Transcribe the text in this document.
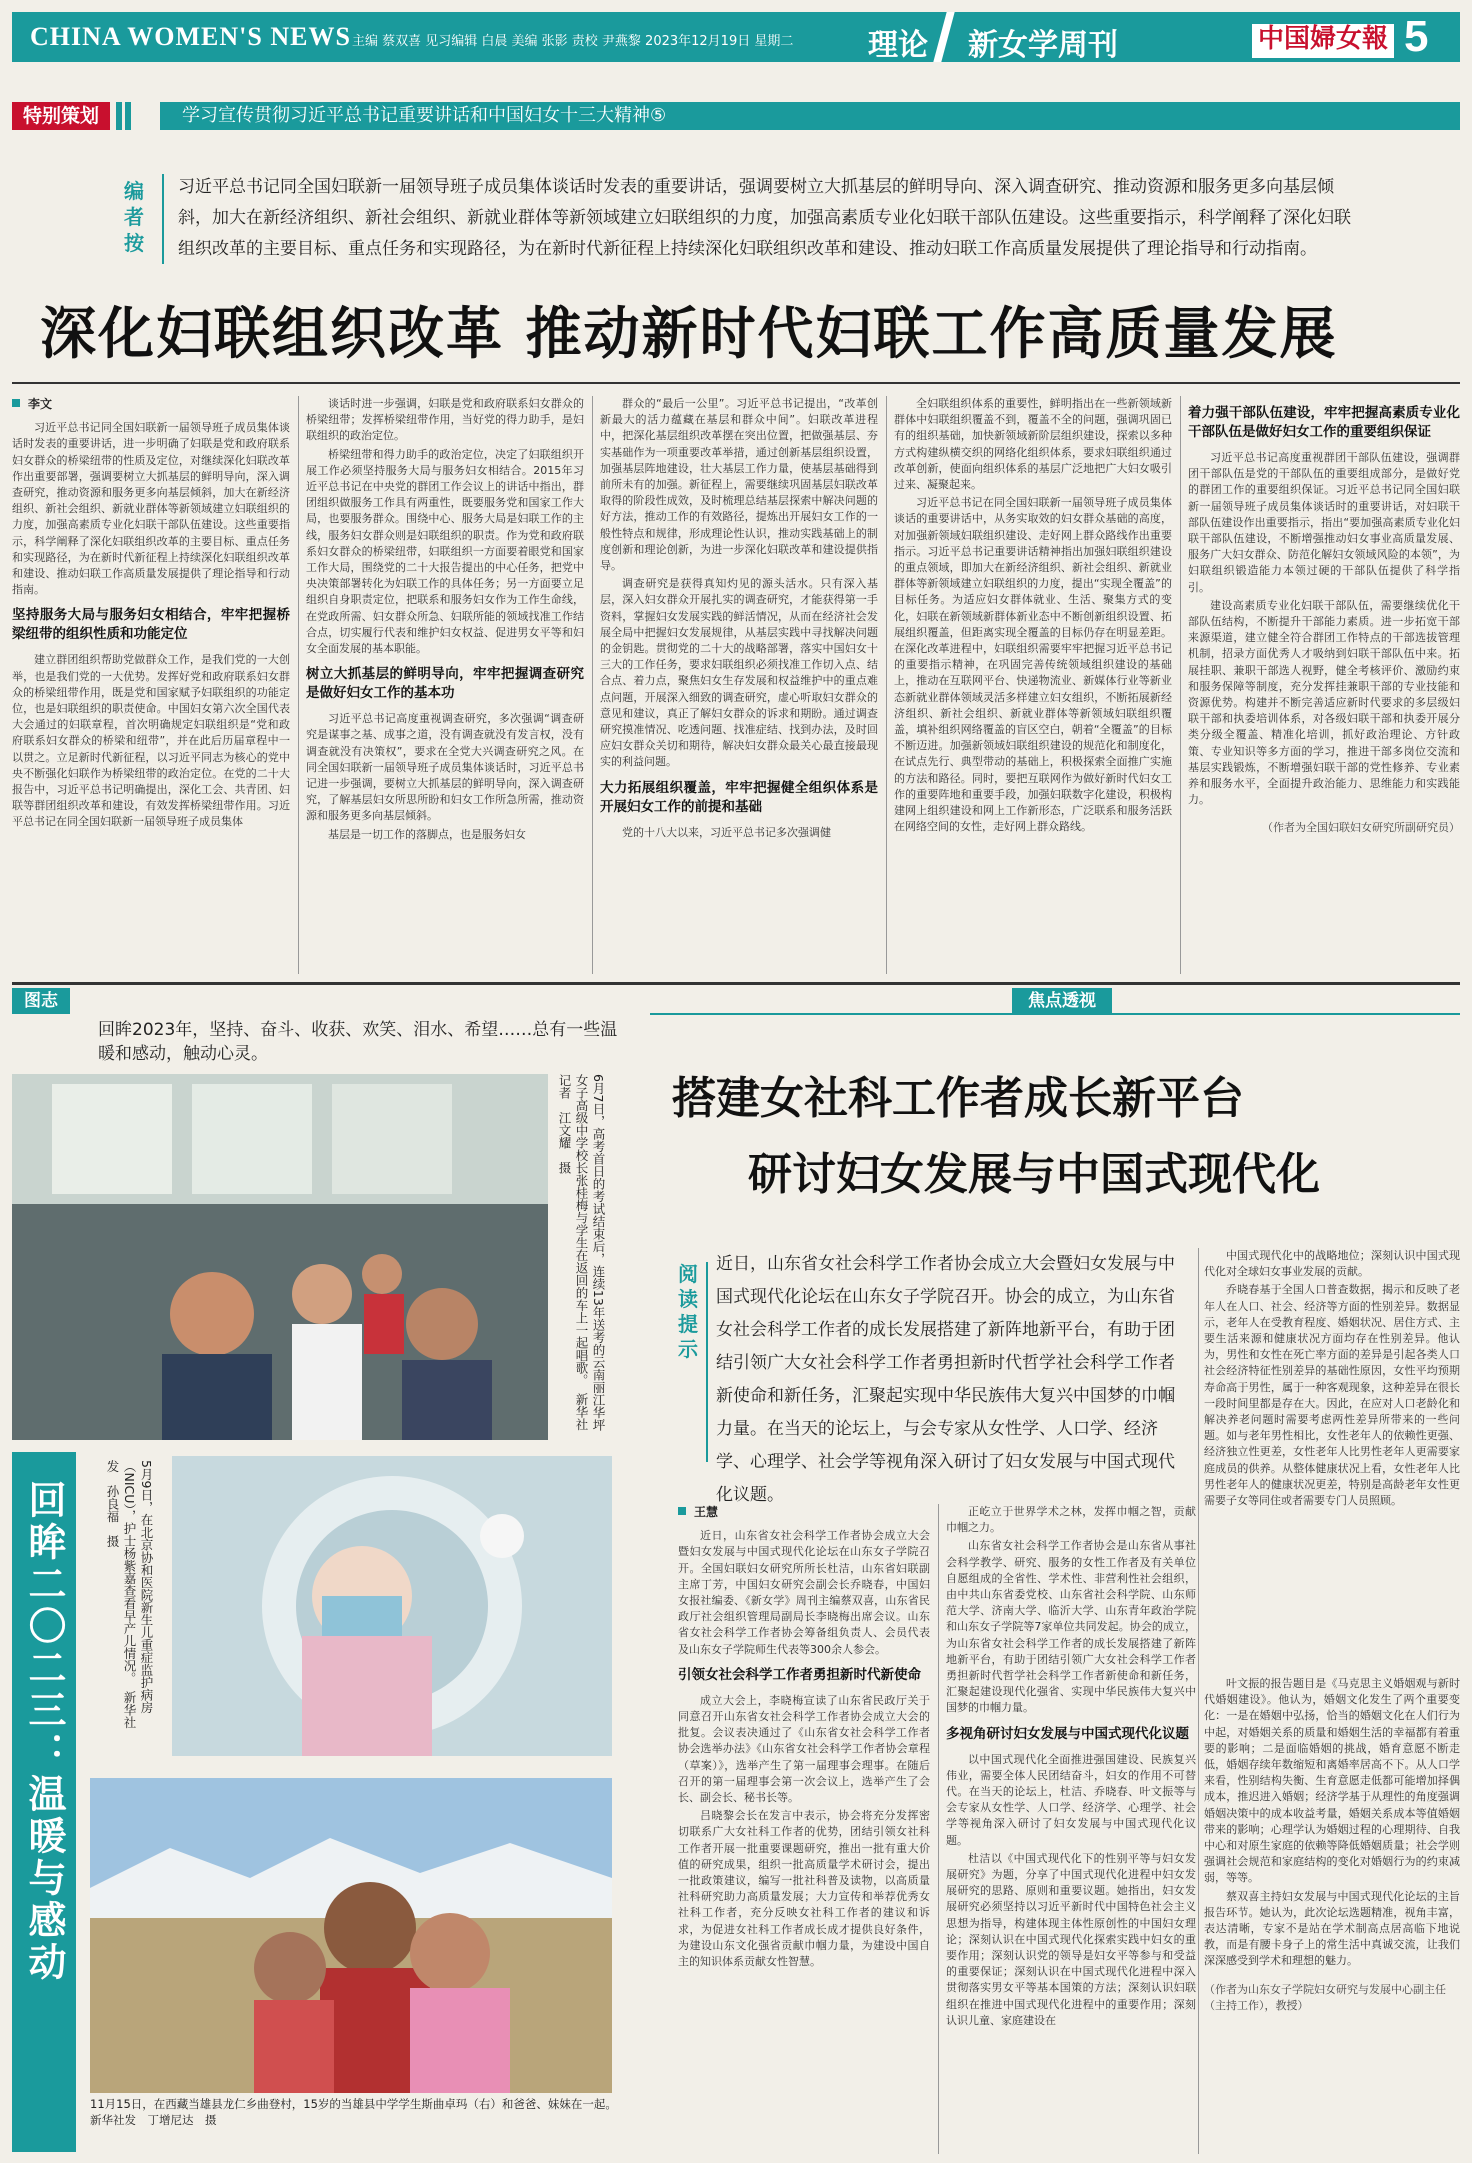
CHINA WOMEN'S NEWS 主编 蔡双喜 见习编辑 白晨 美编 张影 责校 尹燕黎 2023年12月19日 星期二 理论 新女学周刊	中国婦女報 5
特别策划	学习宣传贯彻习近平总书记重要讲话和中国妇女十三大精神⑤
编者按
习近平总书记同全国妇联新一届领导班子成员集体谈话时发表的重要讲话，强调要树立大抓基层的鲜明导向、深入调查研究、推动资源和服务更多向基层倾斜，加大在新经济组织、新社会组织、新就业群体等新领域建立妇联组织的力度，加强高素质专业化妇联干部队伍建设。这些重要指示，科学阐释了深化妇联组织改革的主要目标、重点任务和实现路径，为在新时代新征程上持续深化妇联组织改革和建设、推动妇联工作高质量发展提供了理论指导和行动指南。
深化妇联组织改革 推动新时代妇联工作高质量发展
李文

习近平总书记同全国妇联新一届领导班子成员集体谈话时发表的重要讲话，进一步明确了妇联是党和政府联系妇女群众的桥梁纽带的性质及定位，对继续深化妇联改革作出重要部署，强调要树立大抓基层的鲜明导向，深入调查研究，推动资源和服务更多向基层倾斜，加大在新经济组织、新社会组织、新就业群体等新领域建立妇联组织的力度，加强高素质专业化妇联干部队伍建设。这些重要指示，科学阐释了深化妇联组织改革的主要目标、重点任务和实现路径，为在新时代新征程上持续深化妇联组织改革和建设、推动妇联工作高质量发展提供了理论指导和行动指南。

坚持服务大局与服务妇女相结合，牢牢把握桥梁纽带的组织性质和功能定位

建立群团组织帮助党做群众工作，是我们党的一大创举，也是我们党的一大优势。发挥好党和政府联系妇女群众的桥梁纽带作用，既是党和国家赋予妇联组织的功能定位，也是妇联组织的职责使命。中国妇女第六次全国代表大会通过的妇联章程，首次明确规定妇联组织是“党和政府联系妇女群众的桥梁和纽带”，并在此后历届章程中一以贯之。立足新时代新征程，以习近平同志为核心的党中央不断强化妇联作为桥梁纽带的政治定位。在党的二十大报告中，习近平总书记明确提出，深化工会、共青团、妇联等群团组织改革和建设，有效发挥桥梁纽带作用。习近平总书记在同全国妇联新一届领导班子成员集体

谈话时进一步强调，妇联是党和政府联系妇女群众的桥梁纽带；发挥桥梁纽带作用，当好党的得力助手，是妇联组织的政治定位。

桥梁纽带和得力助手的政治定位，决定了妇联组织开展工作必须坚持服务大局与服务妇女相结合。2015年习近平总书记在中央党的群团工作会议上的讲话中指出，群团组织做服务工作具有两重性，既要服务党和国家工作大局，也要服务群众。围绕中心、服务大局是妇联工作的主线，服务妇女群众则是妇联组织的职责。作为党和政府联系妇女群众的桥梁纽带，妇联组织一方面要着眼党和国家工作大局，围绕党的二十大报告提出的中心任务，把党中央决策部署转化为妇联工作的具体任务；另一方面要立足组织自身职责定位，把联系和服务妇女作为工作生命线，在党政所需、妇女群众所急、妇联所能的领域找准工作结合点，切实履行代表和维护妇女权益、促进男女平等和妇女全面发展的基本职能。

树立大抓基层的鲜明导向，牢牢把握调查研究是做好妇女工作的基本功

习近平总书记高度重视调查研究，多次强调“调查研究是谋事之基、成事之道，没有调查就没有发言权，没有调查就没有决策权”，要求在全党大兴调查研究之风。在同全国妇联新一届领导班子成员集体谈话时，习近平总书记进一步强调，要树立大抓基层的鲜明导向，深入调查研究，了解基层妇女所思所盼和妇女工作所急所需，推动资源和服务更多向基层倾斜。

基层是一切工作的落脚点，也是服务妇女

群众的“最后一公里”。习近平总书记提出，“改革创新最大的活力蕴藏在基层和群众中间”。妇联改革进程中，把深化基层组织改革摆在突出位置，把做强基层、夯实基础作为一项重要改革举措，通过创新基层组织设置，加强基层阵地建设，壮大基层工作力量，使基层基础得到前所未有的加强。新征程上，需要继续巩固基层妇联改革取得的阶段性成效，及时梳理总结基层探索中解决问题的好方法，推动工作的有效路径，提炼出开展妇女工作的一般性特点和规律，形成理论性认识，推动实践基础上的制度创新和理论创新，为进一步深化妇联改革和建设提供指导。

调查研究是获得真知灼见的源头活水。只有深入基层，深入妇女群众开展扎实的调查研究，才能获得第一手资料，掌握妇女发展实践的鲜活情况，从而在经济社会发展全局中把握妇女发展规律，从基层实践中寻找解决问题的金钥匙。贯彻党的二十大的战略部署，落实中国妇女十三大的工作任务，要求妇联组织必须找准工作切入点、结合点、着力点，聚焦妇女生存发展和权益维护中的重点难点问题，开展深入细致的调查研究，虚心听取妇女群众的意见和建议，真正了解妇女群众的诉求和期盼。通过调查研究摸准情况、吃透问题、找准症结、找到办法，及时回应妇女群众关切和期待，解决妇女群众最关心最直接最现实的利益问题。

大力拓展组织覆盖，牢牢把握健全组织体系是开展妇女工作的前提和基础

党的十八大以来，习近平总书记多次强调健

全妇联组织体系的重要性，鲜明指出在一些新领域新群体中妇联组织覆盖不到，覆盖不全的问题，强调巩固已有的组织基础，加快新领域新阶层组织建设，探索以多种方式构建纵横交织的网络化组织体系，要求妇联组织通过改革创新，使面向组织体系的基层广泛地把广大妇女吸引过来、凝聚起来。

习近平总书记在同全国妇联新一届领导班子成员集体谈话的重要讲话中，从务实取效的妇女群众基础的高度，对加强新领域妇联组织建设、走好网上群众路线作出重要指示。习近平总书记重要讲话精神指出加强妇联组织建设的重点领域，即加大在新经济组织、新社会组织、新就业群体等新领域建立妇联组织的力度，提出“实现全覆盖”的目标任务。为适应妇女群体就业、生活、聚集方式的变化，妇联在新领域新群体新业态中不断创新组织设置、拓展组织覆盖，但距离实现全覆盖的目标仍存在明显差距。在深化改革进程中，妇联组织需要牢牢把握习近平总书记的重要指示精神，在巩固完善传统领域组织建设的基础上，推动在互联网平台、快递物流业、新媒体行业等新业态新就业群体领域灵活多样建立妇女组织，不断拓展新经济组织、新社会组织、新就业群体等新领域妇联组织覆盖，填补组织网络覆盖的盲区空白，朝着“全覆盖”的目标不断迈进。加强新领域妇联组织建设的规范化和制度化，在试点先行、典型带动的基础上，积极探索全面推广实施的方法和路径。同时，要把互联网作为做好新时代妇女工作的重要阵地和重要手段，加强妇联数字化建设，积极构建网上组织建设和网上工作新形态，广泛联系和服务活跃在网络空间的女性，走好网上群众路线。

着力强干部队伍建设，牢牢把握高素质专业化干部队伍是做好妇女工作的重要组织保证

习近平总书记高度重视群团干部队伍建设，强调群团干部队伍是党的干部队伍的重要组成部分，是做好党的群团工作的重要组织保证。习近平总书记同全国妇联新一届领导班子成员集体谈话时的重要讲话，对妇联干部队伍建设作出重要指示，指出“要加强高素质专业化妇联干部队伍建设，不断增强推动妇女事业高质量发展、服务广大妇女群众、防范化解妇女领域风险的本领”，为妇联组织锻造能力本领过硬的干部队伍提供了科学指引。

建设高素质专业化妇联干部队伍，需要继续优化干部队伍结构，不断提升干部能力素质。进一步拓宽干部来源渠道，建立健全符合群团工作特点的干部选拔管理机制，招录方面优秀人才吸纳到妇联干部队伍中来。拓展挂职、兼职干部选人视野，健全考核评价、激励约束和服务保障等制度，充分发挥挂兼职干部的专业技能和资源优势。构建并不断完善适应新时代要求的多层级妇联干部和执委培训体系，对各级妇联干部和执委开展分类分级全覆盖、精准化培训，抓好政治理论、方针政策、专业知识等多方面的学习，推进干部多岗位交流和基层实践锻炼，不断增强妇联干部的党性修养、专业素养和服务水平，全面提升政治能力、思维能力和实践能力。

（作者为全国妇联妇女研究所副研究员）
图志
回眸2023年，坚持、奋斗、收获、欢笑、泪水、希望……总有一些温暖和感动，触动心灵。
6月7日，高考首日的考试结束后，连续13年送考的云南丽江华坪女子高级中学校长张桂梅与学生在返回的车上一起唱歌。　新华社记者　江文耀　摄
回眸二〇二三：温暖与感动	5月9日，在北京协和医院新生儿重症监护病房（NICU），护士杨紫嘉查看早产儿情况。　新华社发　孙良福　摄
11月15日，在西藏当雄县龙仁乡曲登村，15岁的当雄县中学学生斯曲卓玛（右）和爸爸、妹妹在一起。　　　　新华社发　丁增尼达　摄
焦点透视
搭建女社科工作者成长新平台
研讨妇女发展与中国式现代化
阅读提示
近日，山东省女社会科学工作者协会成立大会暨妇女发展与中国式现代化论坛在山东女子学院召开。协会的成立，为山东省女社会科学工作者的成长发展搭建了新阵地新平台，有助于团结引领广大女社会科学工作者勇担新时代哲学社会科学工作者新使命和新任务，汇聚起实现中华民族伟大复兴中国梦的巾帼力量。在当天的论坛上，与会专家从女性学、人口学、经济学、心理学、社会学等视角深入研讨了妇女发展与中国式现代化议题。

中国式现代化中的战略地位；深刻认识中国式现代化对全球妇女事业发展的贡献。

乔晓春基于全国人口普查数据，揭示和反映了老年人在人口、社会、经济等方面的性别差异。数据显示，老年人在受教育程度、婚姻状况、居住方式、主要生活来源和健康状况方面均存在性别差异。他认为，男性和女性在死亡率方面的差异是引起各类人口社会经济特征性别差异的基础性原因，女性平均预期寿命高于男性，属于一种客观现象，这种差异在很长一段时间里都是存在大。因此，在应对人口老龄化和解决养老问题时需要考虑两性差异所带来的一些问题。如与老年男性相比，女性老年人的依赖性更强、经济独立性更差，女性老年人比男性老年人更需要家庭成员的供养。从整体健康状况上看，女性老年人比男性老年人的健康状况更差，特别是高龄老年女性更需要子女等同住或者需要专门人员照顾。

王慧

近日，山东省女社会科学工作者协会成立大会暨妇女发展与中国式现代化论坛在山东女子学院召开。全国妇联妇女研究所所长杜洁，山东省妇联副主席丁芳，中国妇女研究会副会长乔晓春，中国妇女报社编委、《新女学》周刊主编蔡双喜，山东省民政厅社会组织管理局副局长李晓梅出席会议。山东省女社会科学工作者协会筹备组负责人、会员代表及山东女子学院师生代表等300余人参会。

引领女社会科学工作者勇担新时代新使命

成立大会上，李晓梅宣读了山东省民政厅关于同意召开山东省女社会科学工作者协会成立大会的批复。会议表决通过了《山东省女社会科学工作者协会选举办法》《山东省女社会科学工作者协会章程（草案）》，选举产生了第一届理事会理事。在随后召开的第一届理事会第一次会议上，选举产生了会长、副会长、秘书长等。

吕晓黎会长在发言中表示，协会将充分发挥密切联系广大女社科工作者的优势，团结引领女社科工作者开展一批重要课题研究，推出一批有重大价值的研究成果，组织一批高质量学术研讨会，提出一批政策建议，编写一批社科普及读物，以高质量社科研究助力高质量发展；大力宣传和举荐优秀女社科工作者，充分反映女社科工作者的建议和诉求，为促进女社科工作者成长成才提供良好条件，为建设山东文化强省贡献巾帼力量，为建设中国自主的知识体系贡献女性智慧。

正屹立于世界学术之林，发挥巾帼之智，贡献巾帼之力。

山东省女社会科学工作者协会是山东省从事社会科学教学、研究、服务的女性工作者及有关单位自愿组成的全省性、学术性、非营利性社会组织，由中共山东省委党校、山东省社会科学院、山东师范大学、济南大学、临沂大学、山东青年政治学院和山东女子学院等7家单位共同发起。协会的成立，为山东省女社会科学工作者的成长发展搭建了新阵地新平台，有助于团结引领广大女社会科学工作者勇担新时代哲学社会科学工作者新使命和新任务，汇聚起建设现代化强省、实现中华民族伟大复兴中国梦的巾帼力量。

多视角研讨妇女发展与中国式现代化议题

以中国式现代化全面推进强国建设、民族复兴伟业，需要全体人民团结奋斗，妇女的作用不可替代。在当天的论坛上，杜洁、乔晓春、叶文振等与会专家从女性学、人口学、经济学、心理学、社会学等视角深入研讨了妇女发展与中国式现代化议题。

杜洁以《中国式现代化下的性别平等与妇女发展研究》为题，分享了中国式现代化进程中妇女发展研究的思路、原则和重要议题。她指出，妇女发展研究必须坚持以习近平新时代中国特色社会主义思想为指导，构建体现主体性原创性的中国妇女理论；深刻认识在中国式现代化探索实践中妇女的重要作用；深刻认识党的领导是妇女平等参与和受益的重要保证；深刻认识在中国式现代化进程中深入贯彻落实男女平等基本国策的方法；深刻认识妇联组织在推进中国式现代化进程中的重要作用；深刻认识儿童、家庭建设在

叶文振的报告题目是《马克思主义婚姻观与新时代婚姻建设》。他认为，婚姻文化发生了两个重要变化：一是在婚姻中弘扬，恰当的婚姻文化在人们行为中起，对婚姻关系的质量和婚姻生活的幸福都有着重要的影响；二是面临婚姻的挑战，婚育意愿不断走低，婚姻存续年数缩短和离婚率居高不下。从人口学来看，性别结构失衡、生育意愿走低都可能增加择偶成本，推迟进入婚姻；经济学基于从理性的角度强调婚姻决策中的成本收益考量，婚姻关系成本等值婚姻带来的影响；心理学认为婚姻过程的心理期待、自我中心和对原生家庭的依赖等降低婚姻质量；社会学则强调社会规范和家庭结构的变化对婚姻行为的约束减弱，等等。

蔡双喜主持妇女发展与中国式现代化论坛的主旨报告环节。她认为，此次论坛选题精准，视角丰富，表达清晰，专家不是站在学术制高点居高临下地说教，而是有腰卡身子上的常生活中真诚交流，让我们深深感受到学术和理想的魅力。

（作者为山东女子学院妇女研究与发展中心副主任（主持工作），教授）
